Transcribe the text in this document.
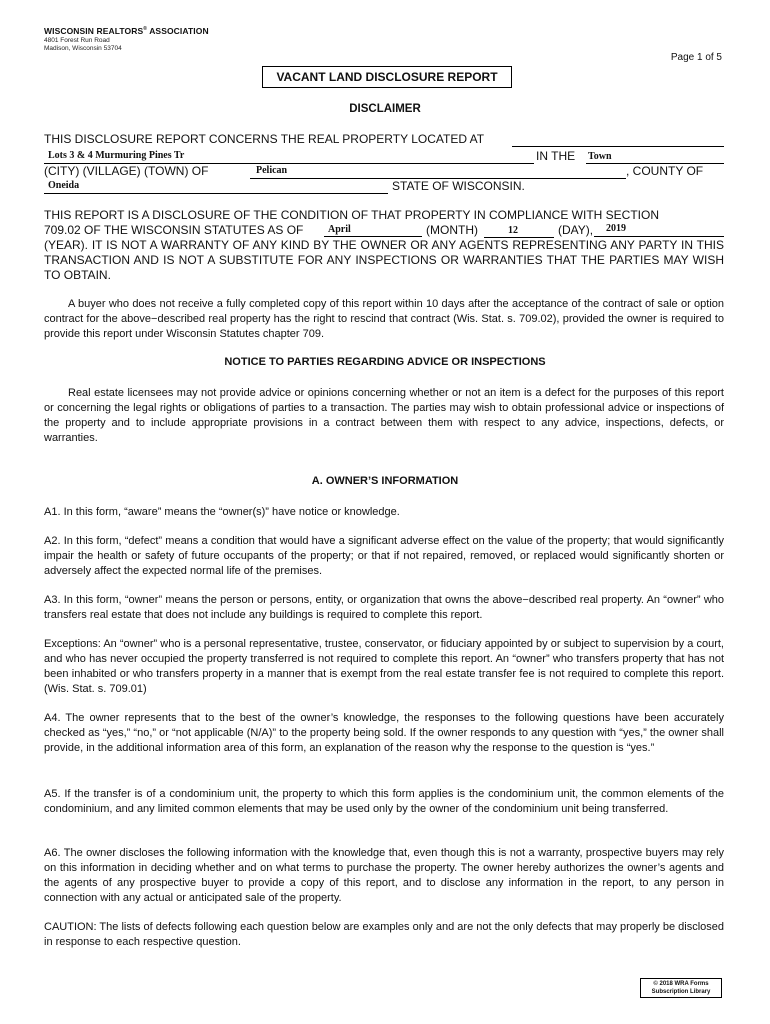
WISCONSIN REALTORS® ASSOCIATION
4801 Forest Run Road
Madison, Wisconsin 53704
Page 1 of 5
VACANT LAND DISCLOSURE REPORT
DISCLAIMER
THIS DISCLOSURE REPORT CONCERNS THE REAL PROPERTY LOCATED AT
Lots 3 & 4 Murmuring Pines Tr	IN THE Town
(CITY) (VILLAGE) (TOWN) OF	Pelican	, COUNTY OF
Oneida	STATE OF WISCONSIN.
THIS REPORT IS A DISCLOSURE OF THE CONDITION OF THAT PROPERTY IN COMPLIANCE WITH SECTION
709.02 OF THE WISCONSIN STATUTES AS OF April	(MONTH)	12	(DAY), 2019
(YEAR). IT IS NOT A WARRANTY OF ANY KIND BY THE OWNER OR ANY AGENTS REPRESENTING ANY PARTY IN THIS TRANSACTION AND IS NOT A SUBSTITUTE FOR ANY INSPECTIONS OR WARRANTIES THAT THE PARTIES MAY WISH TO OBTAIN.
A buyer who does not receive a fully completed copy of this report within 10 days after the acceptance of the contract of sale or option contract for the above−described real property has the right to rescind that contract (Wis. Stat. s. 709.02), provided the owner is required to provide this report under Wisconsin Statutes chapter 709.
NOTICE TO PARTIES REGARDING ADVICE OR INSPECTIONS
Real estate licensees may not provide advice or opinions concerning whether or not an item is a defect for the purposes of this report or concerning the legal rights or obligations of parties to a transaction. The parties may wish to obtain professional advice or inspections of the property and to include appropriate provisions in a contract between them with respect to any advice, inspections, defects, or warranties.
A. OWNER’S INFORMATION
A1. In this form, “aware” means the “owner(s)” have notice or knowledge.
A2. In this form, “defect” means a condition that would have a significant adverse effect on the value of the property; that would significantly impair the health or safety of future occupants of the property; or that if not repaired, removed, or replaced would significantly shorten or adversely affect the expected normal life of the premises.
A3. In this form, “owner” means the person or persons, entity, or organization that owns the above−described real property. An “owner” who transfers real estate that does not include any buildings is required to complete this report.
Exceptions: An “owner” who is a personal representative, trustee, conservator, or fiduciary appointed by or subject to supervision by a court, and who has never occupied the property transferred is not required to complete this report. An “owner” who transfers property that has not been inhabited or who transfers property in a manner that is exempt from the real estate transfer fee is not required to complete this report. (Wis. Stat. s. 709.01)
A4. The owner represents that to the best of the owner’s knowledge, the responses to the following questions have been accurately checked as “yes,” “no,” or “not applicable (N/A)” to the property being sold. If the owner responds to any question with “yes,” the owner shall provide, in the additional information area of this form, an explanation of the reason why the response to the question is “yes.”
A5. If the transfer is of a condominium unit, the property to which this form applies is the condominium unit, the common elements of the condominium, and any limited common elements that may be used only by the owner of the condominium unit being transferred.
A6. The owner discloses the following information with the knowledge that, even though this is not a warranty, prospective buyers may rely on this information in deciding whether and on what terms to purchase the property. The owner hereby authorizes the owner’s agents and the agents of any prospective buyer to provide a copy of this report, and to disclose any information in the report, to any person in connection with any actual or anticipated sale of the property.
CAUTION: The lists of defects following each question below are examples only and are not the only defects that may properly be disclosed in response to each respective question.
© 2018 WRA Forms
Subscription Library
